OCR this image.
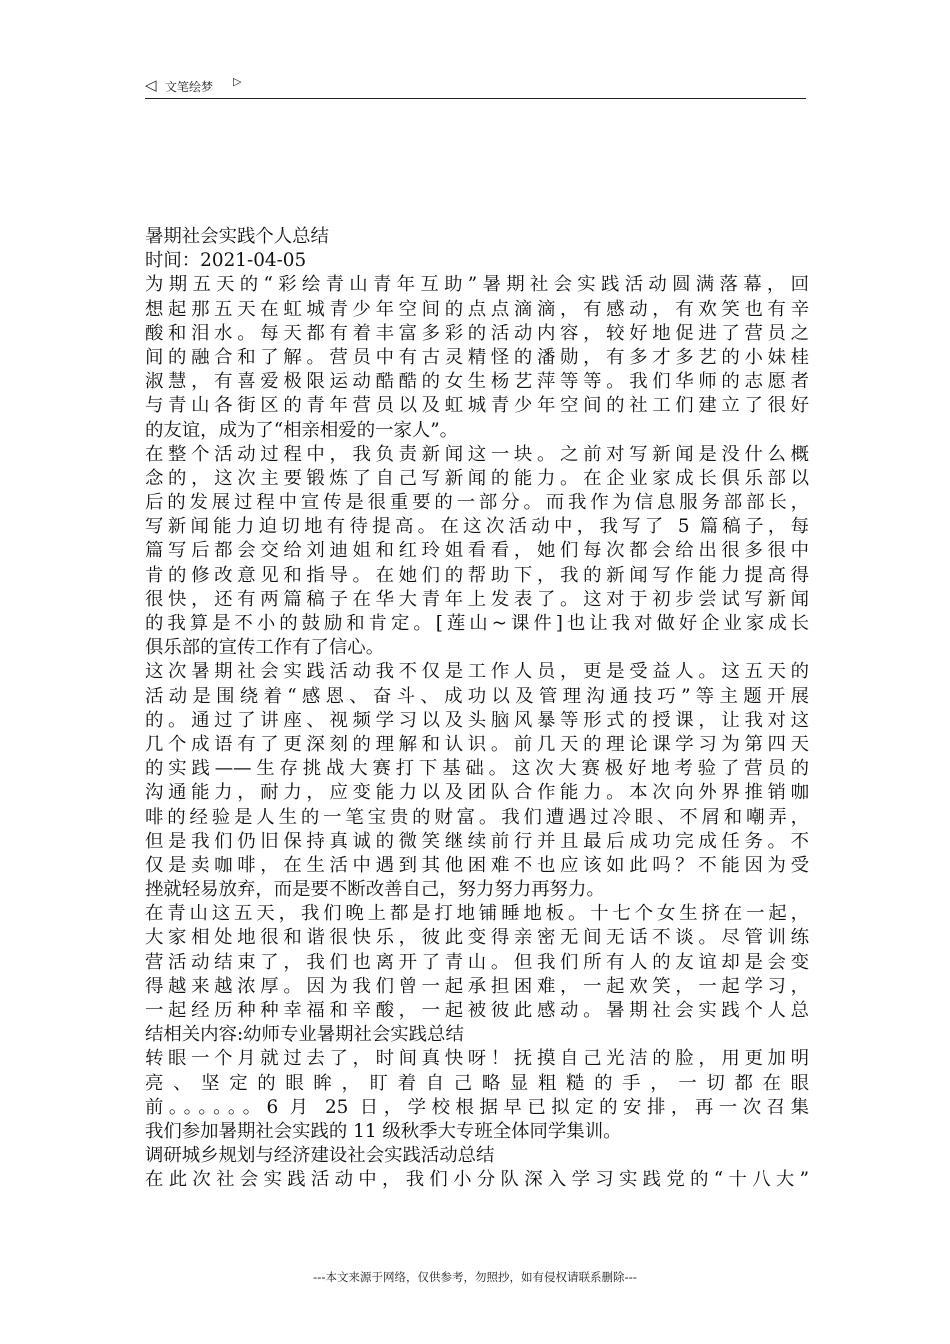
◁ 文笔绘梦 ▷
暑期社会实践个人总结
时间：2021-04-05
为期五天的“彩绘青山青年互助”暑期社会实践活动圆满落幕，回
想起那五天在虹城青少年空间的点点滴滴，有感动，有欢笑也有辛
酸和泪水。每天都有着丰富多彩的活动内容，较好地促进了营员之
间的融合和了解。营员中有古灵精怪的潘勋，有多才多艺的小妹桂
淑慧，有喜爱极限运动酷酷的女生杨艺萍等等。我们华师的志愿者
与青山各街区的青年营员以及虹城青少年空间的社工们建立了很好
的友谊，成为了“相亲相爱的一家人”。
在整个活动过程中，我负责新闻这一块。之前对写新闻是没什么概
念的，这次主要锻炼了自己写新闻的能力。在企业家成长俱乐部以
后的发展过程中宣传是很重要的一部分。而我作为信息服务部部长，
写新闻能力迫切地有待提高。在这次活动中，我写了 5 篇稿子，每
篇写后都会交给刘迪姐和红玲姐看看，她们每次都会给出很多很中
肯的修改意见和指导。在她们的帮助下，我的新闻写作能力提高得
很快，还有两篇稿子在华大青年上发表了。这对于初步尝试写新闻
的我算是不小的鼓励和肯定。[莲山~课件]也让我对做好企业家成长
俱乐部的宣传工作有了信心。
这次暑期社会实践活动我不仅是工作人员，更是受益人。这五天的
活动是围绕着“感恩、奋斗、成功以及管理沟通技巧”等主题开展
的。通过了讲座、视频学习以及头脑风暴等形式的授课，让我对这
几个成语有了更深刻的理解和认识。前几天的理论课学习为第四天
的实践——生存挑战大赛打下基础。这次大赛极好地考验了营员的
沟通能力，耐力，应变能力以及团队合作能力。本次向外界推销咖
啡的经验是人生的一笔宝贵的财富。我们遭遇过冷眼、不屑和嘲弄，
但是我们仍旧保持真诚的微笑继续前行并且最后成功完成任务。不
仅是卖咖啡，在生活中遇到其他困难不也应该如此吗？不能因为受
挫就轻易放弃，而是要不断改善自己，努力努力再努力。
在青山这五天，我们晚上都是打地铺睡地板。十七个女生挤在一起，
大家相处地很和谐很快乐，彼此变得亲密无间无话不谈。尽管训练
营活动结束了，我们也离开了青山。但我们所有人的友谊却是会变
得越来越浓厚。因为我们曾一起承担困难，一起欢笑，一起学习，
一起经历种种幸福和辛酸，一起被彼此感动。暑期社会实践个人总
结相关内容:幼师专业暑期社会实践总结
转眼一个月就过去了，时间真快呀！抚摸自己光洁的脸，用更加明
亮、坚定的眼眸，盯着自己略显粗糙的手，一切都在眼
前。。。。。。6 月 25 日，学校根据早已拟定的安排，再一次召集
我们参加暑期社会实践的 11 级秋季大专班全体同学集训。
调研城乡规划与经济建设社会实践活动总结
在此次社会实践活动中，我们小分队深入学习实践党的“十八大”
---本文来源于网络，仅供参考，勿照抄，如有侵权请联系删除---
